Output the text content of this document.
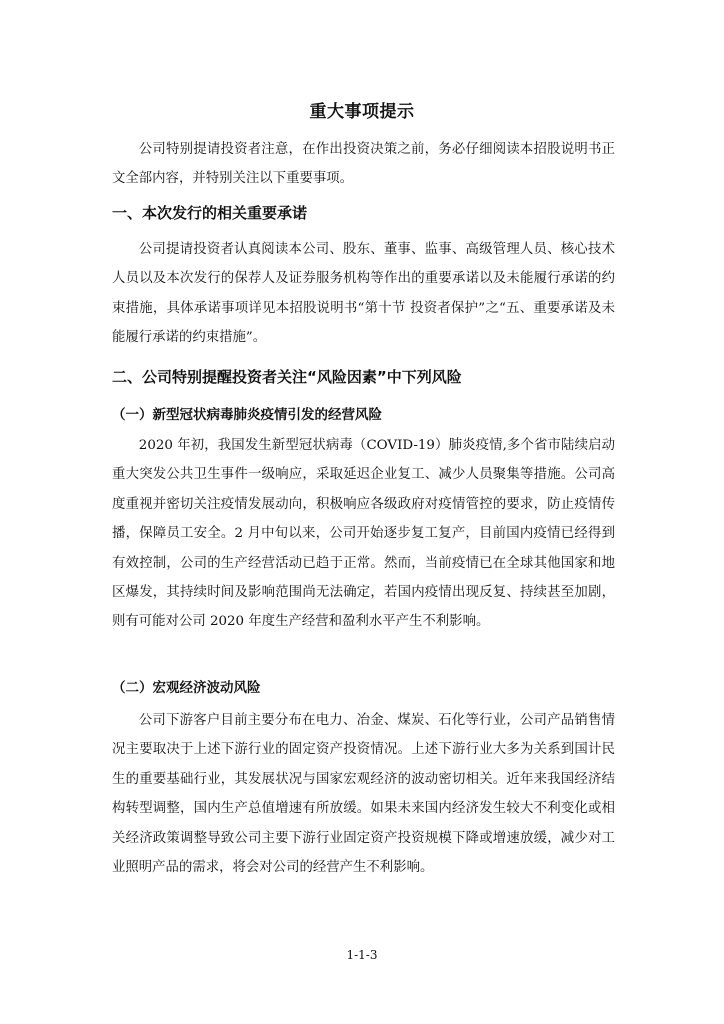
重大事项提示

公司特别提请投资者注意，在作出投资决策之前，务必仔细阅读本招股说明书正文全部内容，并特别关注以下重要事项。

一、本次发行的相关重要承诺

公司提请投资者认真阅读本公司、股东、董事、监事、高级管理人员、核心技术人员以及本次发行的保荐人及证券服务机构等作出的重要承诺以及未能履行承诺的约束措施，具体承诺事项详见本招股说明书“第十节 投资者保护”之“五、重要承诺及未能履行承诺的约束措施”。

二、公司特别提醒投资者关注“风险因素”中下列风险
（一）新型冠状病毒肺炎疫情引发的经营风险

2020 年初，我国发生新型冠状病毒（COVID-19）肺炎疫情,多个省市陆续启动重大突发公共卫生事件一级响应，采取延迟企业复工、减少人员聚集等措施。公司高度重视并密切关注疫情发展动向，积极响应各级政府对疫情管控的要求，防止疫情传播，保障员工安全。2 月中旬以来，公司开始逐步复工复产，目前国内疫情已经得到有效控制，公司的生产经营活动已趋于正常。然而，当前疫情已在全球其他国家和地区爆发，其持续时间及影响范围尚无法确定，若国内疫情出现反复、持续甚至加剧，则有可能对公司 2020 年度生产经营和盈利水平产生不利影响。

（二）宏观经济波动风险

公司下游客户目前主要分布在电力、冶金、煤炭、石化等行业，公司产品销售情况主要取决于上述下游行业的固定资产投资情况。上述下游行业大多为关系到国计民生的重要基础行业，其发展状况与国家宏观经济的波动密切相关。近年来我国经济结构转型调整，国内生产总值增速有所放缓。如果未来国内经济发生较大不利变化或相关经济政策调整导致公司主要下游行业固定资产投资规模下降或增速放缓，减少对工业照明产品的需求，将会对公司的经营产生不利影响。

1-1-3
